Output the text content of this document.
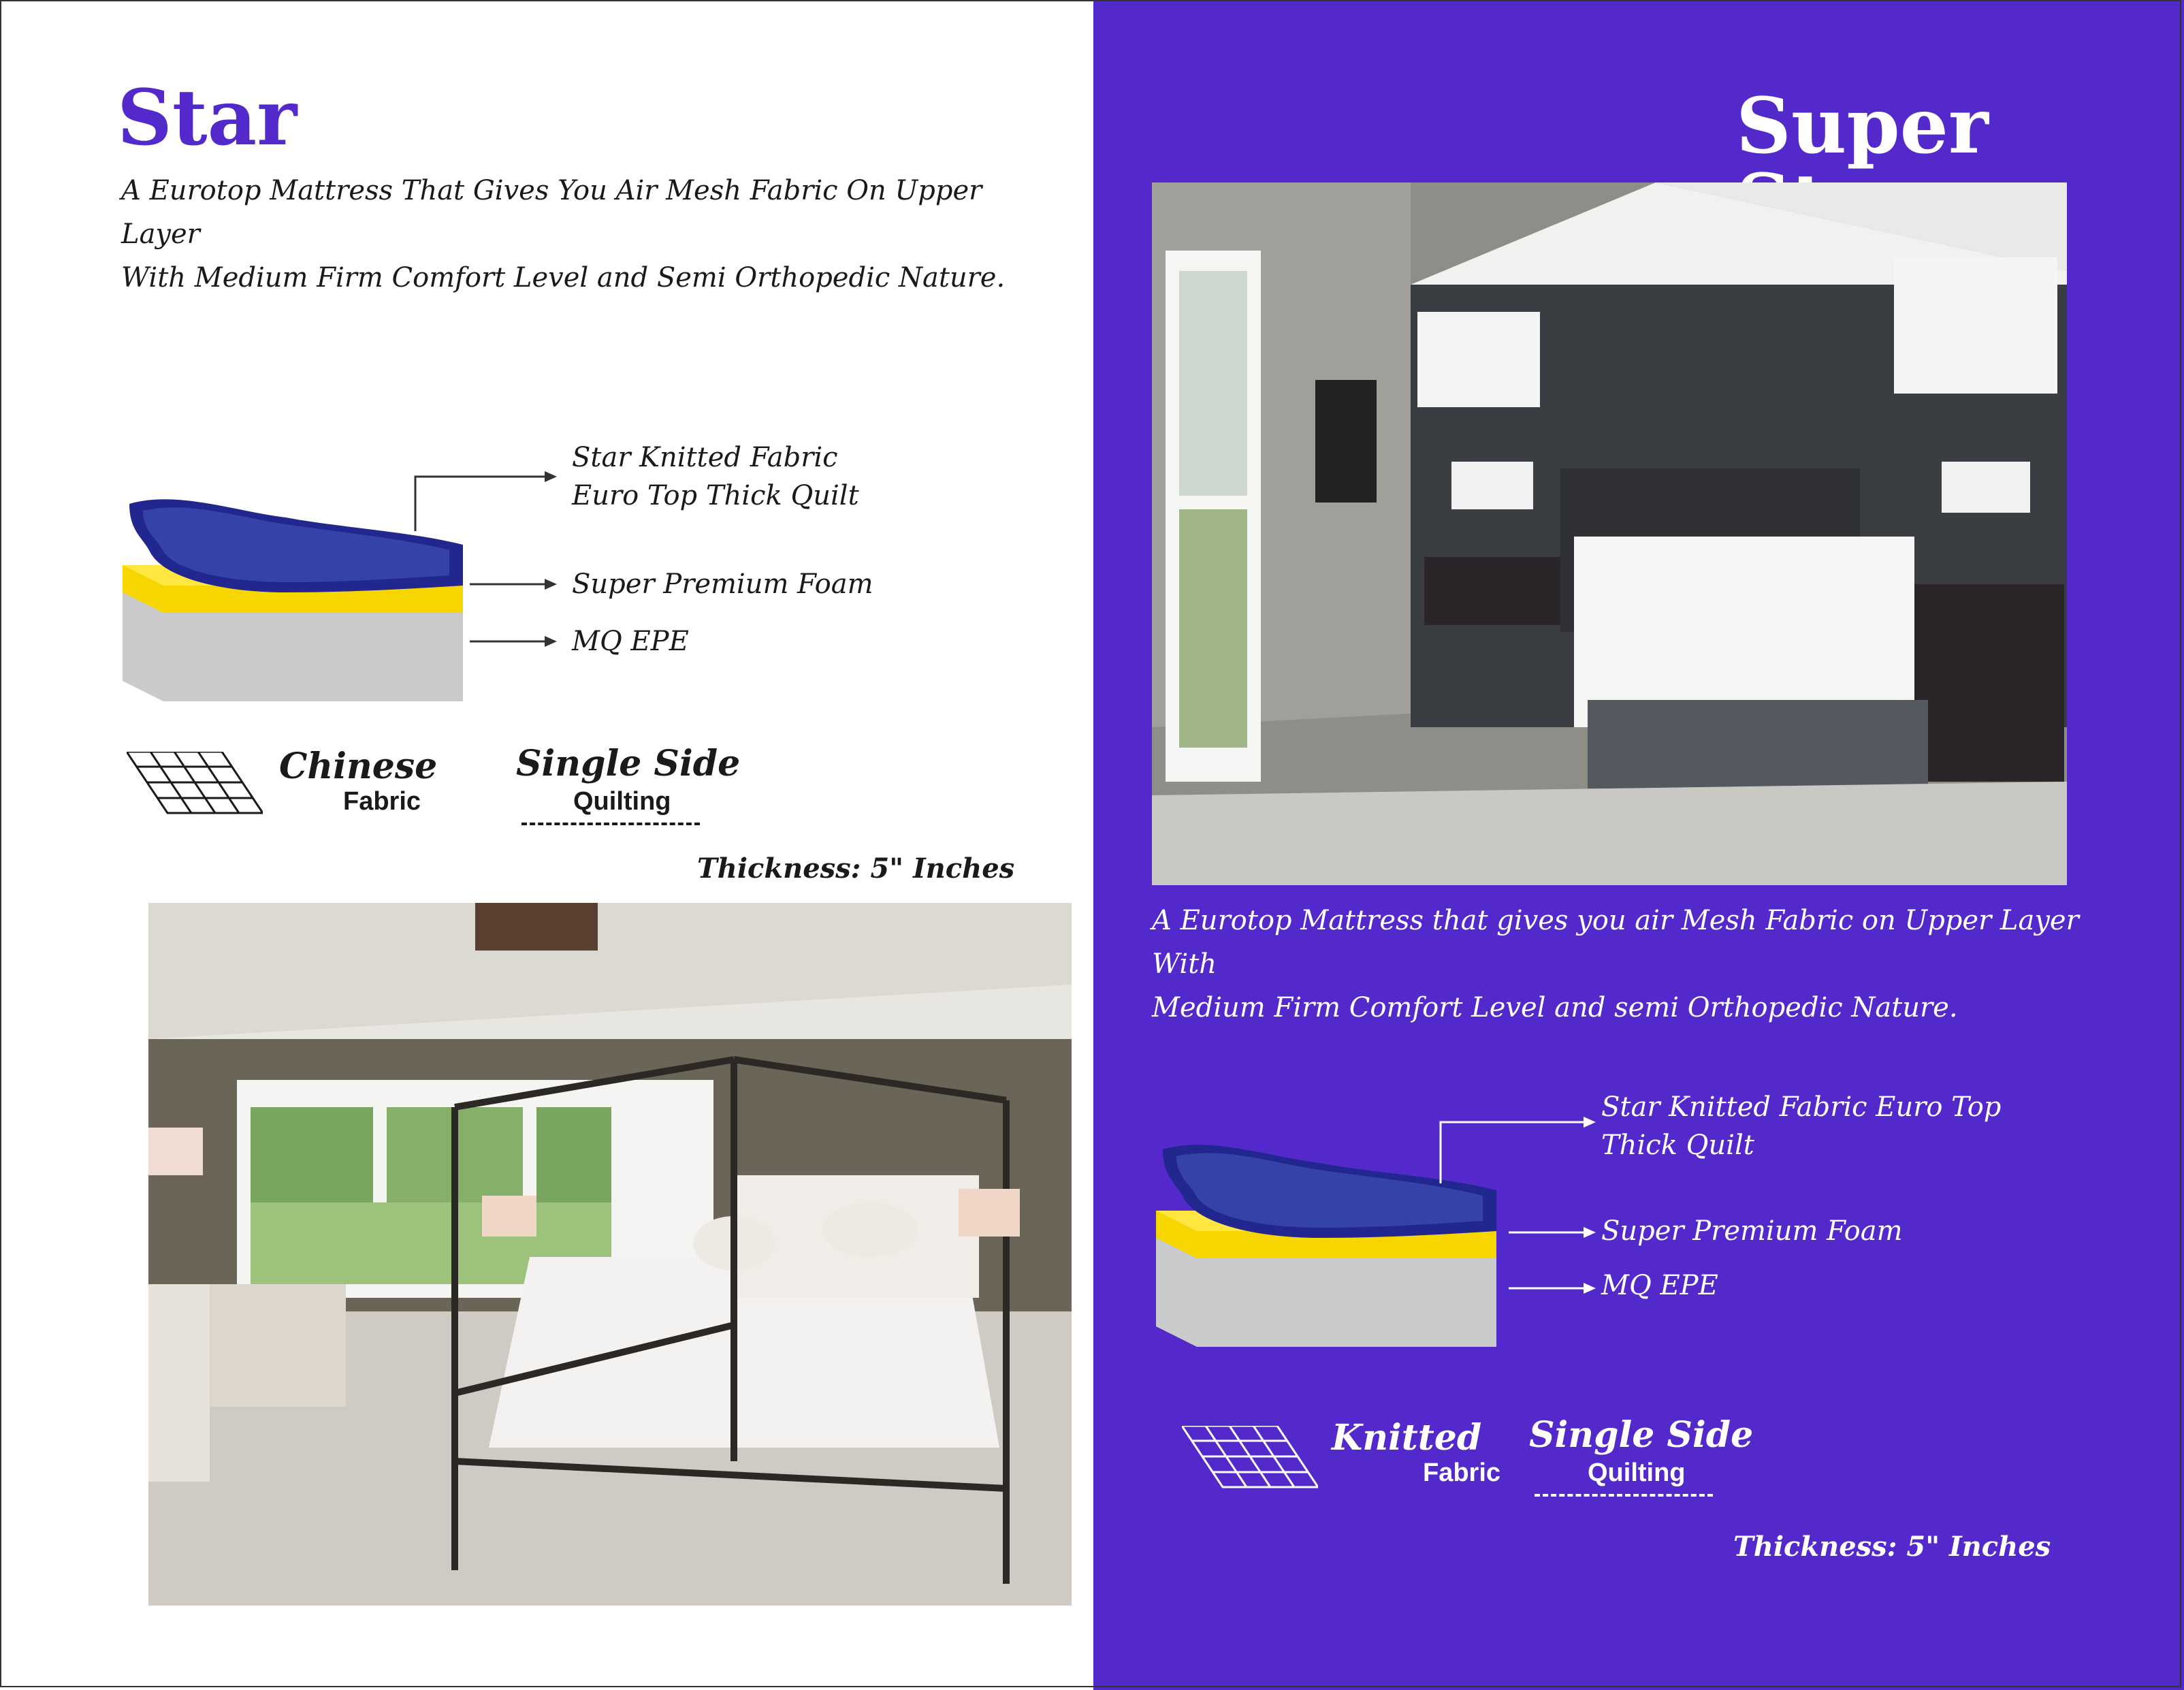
Star
A Eurotop Mattress That Gives You Air Mesh Fabric On Upper Layer
With Medium Firm Comfort Level and Semi Orthopedic Nature.
Star Knitted Fabric
Euro Top Thick Quilt
Super Premium Foam
MQ EPE
Chinese
Fabric
Single Side
Quilting
Thickness: 5" Inches
Super
A Eurotop Mattress that gives you air Mesh Fabric on Upper Layer With
Medium Firm Comfort Level and semi Orthopedic Nature.
Star Knitted Fabric Euro Top
Thick Quilt
Super Premium Foam
MQ EPE
Knitted
Fabric
Single Side
Quilting
Thickness: 5" Inches
